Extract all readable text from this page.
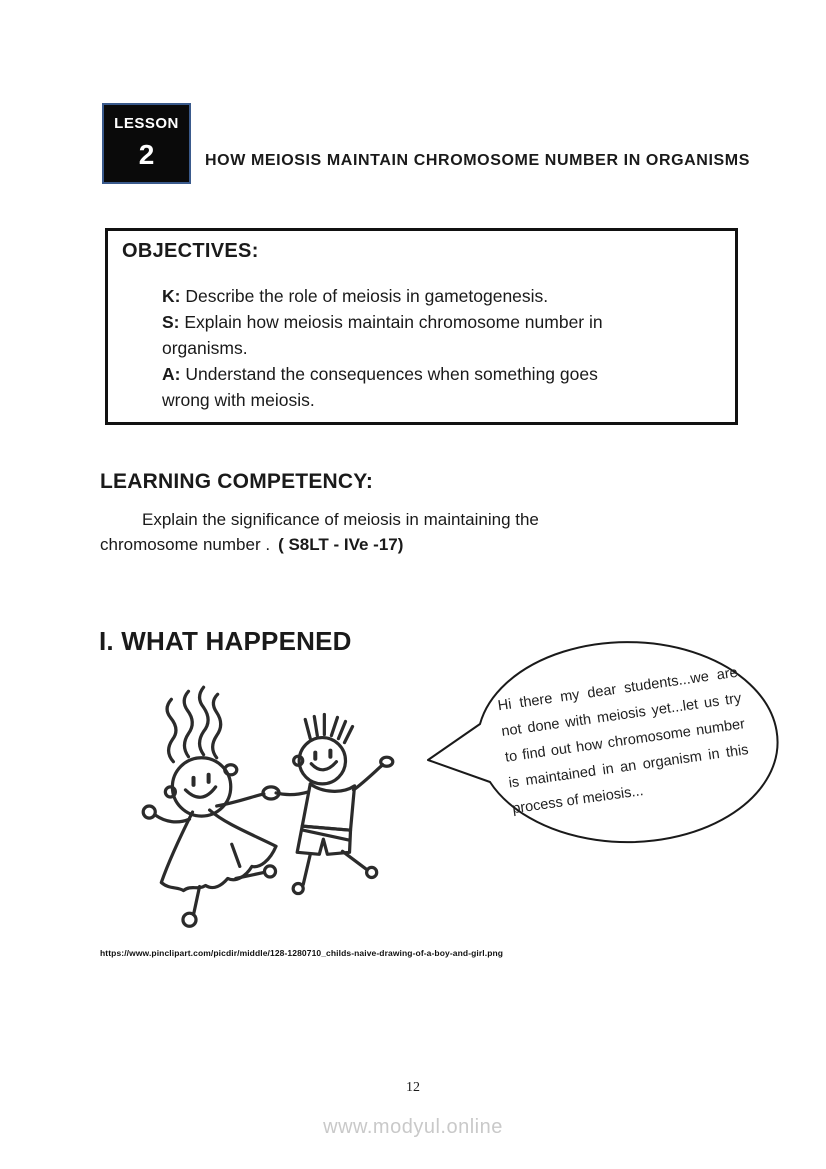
LESSON
2	HOW MEIOSIS MAINTAIN CHROMOSOME NUMBER IN ORGANISMS
OBJECTIVES:

K: Describe the role of meiosis in gametogenesis.

S: Explain how meiosis maintain chromosome number in organisms.

A: Understand the consequences when something goes wrong with meiosis.

LEARNING COMPETENCY:

Explain the significance of meiosis in maintaining the chromosome number . ( S8LT - IVe -17)

I. WHAT HAPPENED
Hi there my dear students...we are not done with meiosis yet...let us try to find out how chromosome number is maintained in an organism in this process of meiosis...
https://www.pinclipart.com/picdir/middle/128-1280710_childs-naive-drawing-of-a-boy-and-girl.png
12
www.modyul.online
